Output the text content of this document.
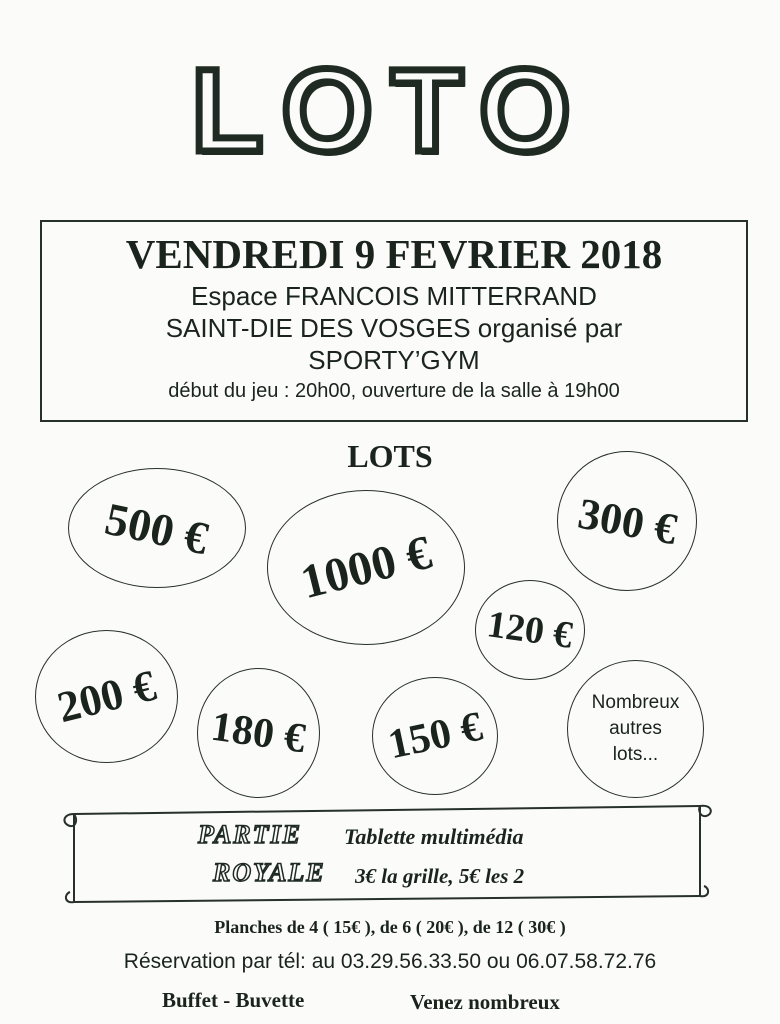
LOTO
VENDREDI 9 FEVRIER 2018
Espace FRANCOIS MITTERRAND
SAINT-DIE DES VOSGES organisé par
SPORTY’GYM
début du jeu : 20h00, ouverture de la salle à 19h00
LOTS
500 €	300 €
1000 €
120 €
200 €
180 € 150 €
Nombreux
autres
lots...
PARTIE
ROYALE
Tablette multimédia
3€ la grille, 5€ les 2
Planches de 4 ( 15€ ), de 6 ( 20€ ), de 12 ( 30€ )
Réservation par tél: au 03.29.56.33.50 ou 06.07.58.72.76
Buffet - Buvette	Venez nombreux
